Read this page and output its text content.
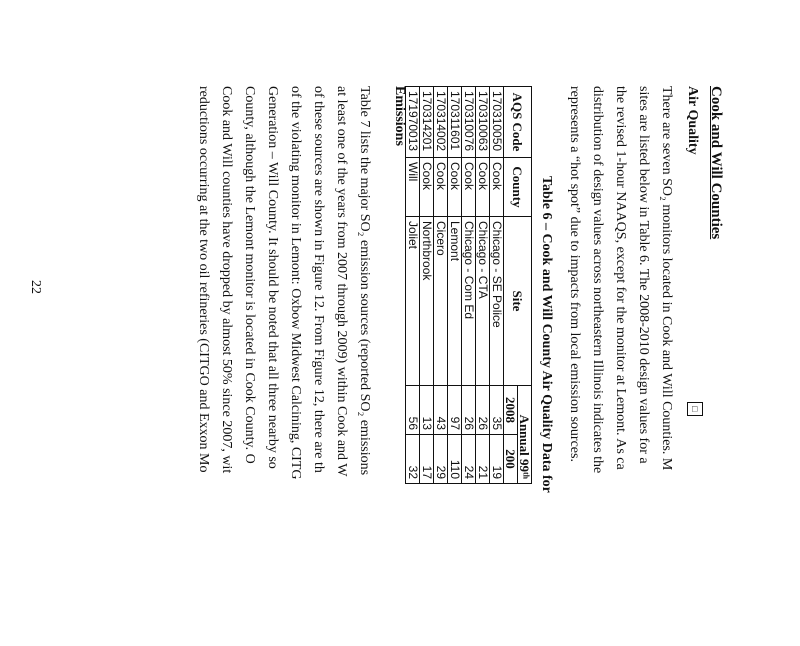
Cook and Will Counties
Air Quality
□
There are seven SO₂ monitors located in Cook and Will Counties. M
sites are listed below in Table 6. The 2008-2010 design values for a
the revised 1-hour NAAQS, except for the monitor at Lemont. As ca
distribution of design values across northeastern Illinois indicates the
represents a “hot spot” due to impacts from local emission sources.
Table 6 – Cook and Will County Air Quality Data for
AQS Code	County	Site	Annual 99ᵗʰ	
			2008	200
170310050	Cook	Chicago - SE Police	35	19
170310063	Cook	Chicago - CTA	26	21
170310076	Cook	Chicago - Com Ed	26	24
170311601	Cook	Lemont	97	110
170314002	Cook	Cicero	43	29
170314201	Cook	Northbrook	13	17
171970013	Will	Joliet	56	32
Emissions
Table 7 lists the major SO₂ emission sources (reported SO₂ emissions
at least one of the years from 2007 through 2009) within Cook and W
of these sources are shown in Figure 12. From Figure 12, there are th
of the violating monitor in Lemont: Oxbow Midwest Calcining, CITG
Generation – Will County. It should be noted that all three nearby so
County, although the Lemont monitor is located in Cook County. O
Cook and Will counties have dropped by almost 50% since 2007, wit
reductions occurring at the two oil refineries (CITGO and Exxon Mo
22
